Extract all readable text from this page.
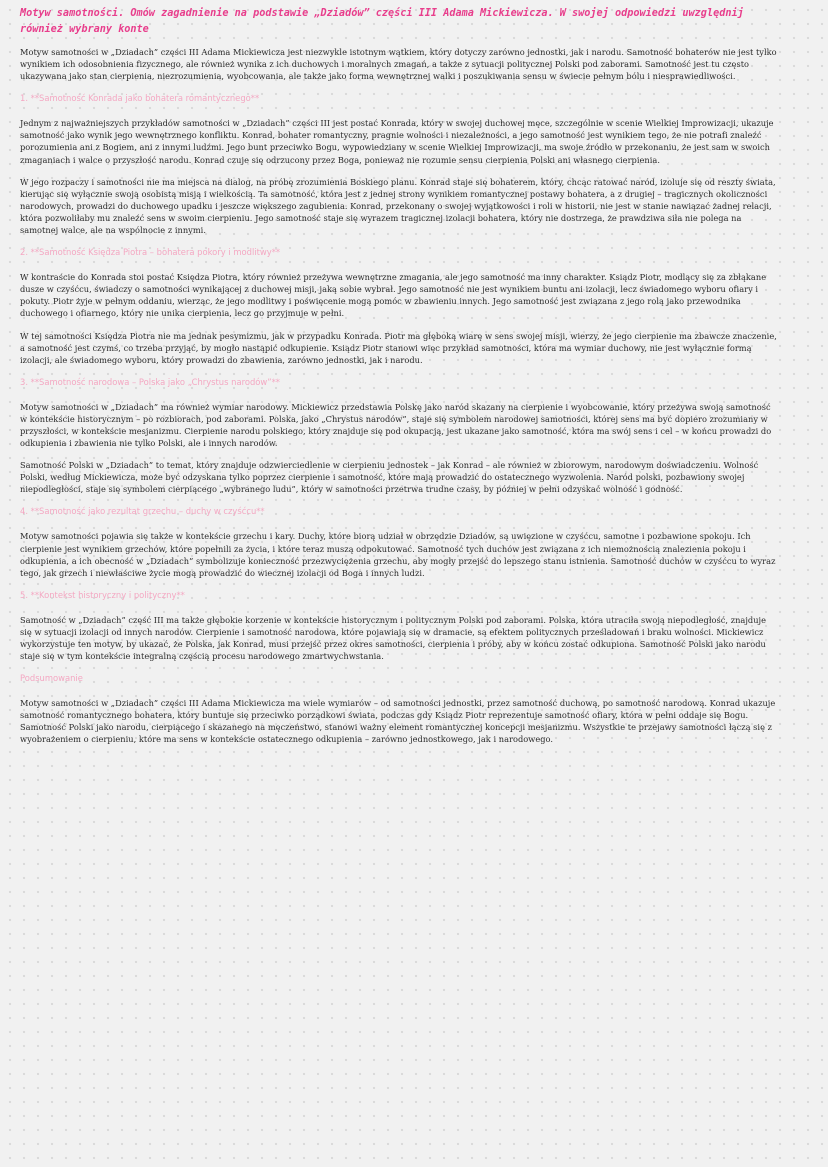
Motyw samotności. Omów zagadnienie na podstawie „Dziadów” części III Adama Mickiewicza. W swojej odpowiedzi uwzględnij również wybrany konte

Motyw samotności w „Dziadach” części III Adama Mickiewicza jest niezwykle istotnym wątkiem, który dotyczy zarówno jednostki, jak i narodu. Samotność bohaterów nie jest tylko wynikiem ich odosobnienia fizycznego, ale również wynika z ich duchowych i moralnych zmagań, a także z sytuacji politycznej Polski pod zaborami. Samotność jest tu często ukazywana jako stan cierpienia, niezrozumienia, wyobcowania, ale także jako forma wewnętrznej walki i poszukiwania sensu w świecie pełnym bólu i niesprawiedliwości.

1. **Samotność Konrada jako bohatera romantycznego**

Jednym z najważniejszych przykładów samotności w „Dziadach” części III jest postać Konrada, który w swojej duchowej męce, szczególnie w scenie Wielkiej Improwizacji, ukazuje samotność jako wynik jego wewnętrznego konfliktu. Konrad, bohater romantyczny, pragnie wolności i niezależności, a jego samotność jest wynikiem tego, że nie potrafi znaleźć porozumienia ani z Bogiem, ani z innymi ludźmi. Jego bunt przeciwko Bogu, wypowiedziany w scenie Wielkiej Improwizacji, ma swoje źródło w przekonaniu, że jest sam w swoich zmaganiach i walce o przyszłość narodu. Konrad czuje się odrzucony przez Boga, ponieważ nie rozumie sensu cierpienia Polski ani własnego cierpienia.

W jego rozpaczy i samotności nie ma miejsca na dialog, na próbę zrozumienia Boskiego planu. Konrad staje się bohaterem, który, chcąc ratować naród, izoluje się od reszty świata, kierując się wyłącznie swoją osobistą misją i wielkością. Ta samotność, która jest z jednej strony wynikiem romantycznej postawy bohatera, a z drugiej – tragicznych okoliczności narodowych, prowadzi do duchowego upadku i jeszcze większego zagubienia. Konrad, przekonany o swojej wyjątkowości i roli w historii, nie jest w stanie nawiązać żadnej relacji, która pozwoliłaby mu znaleźć sens w swoim cierpieniu. Jego samotność staje się wyrazem tragicznej izolacji bohatera, który nie dostrzega, że prawdziwa siła nie polega na samotnej walce, ale na wspólnocie z innymi.

2. **Samotność Księdza Piotra – bohatera pokory i modlitwy**

W kontraście do Konrada stoi postać Księdza Piotra, który również przeżywa wewnętrzne zmagania, ale jego samotność ma inny charakter. Ksiądz Piotr, modlący się za zbłąkane dusze w czyśćcu, świadczy o samotności wynikającej z duchowej misji, jaką sobie wybrał. Jego samotność nie jest wynikiem buntu ani izolacji, lecz świadomego wyboru ofiary i pokuty. Piotr żyje w pełnym oddaniu, wierząc, że jego modlitwy i poświęcenie mogą pomóc w zbawieniu innych. Jego samotność jest związana z jego rolą jako przewodnika duchowego i ofiarnego, który nie unika cierpienia, lecz go przyjmuje w pełni.

W tej samotności Księdza Piotra nie ma jednak pesymizmu, jak w przypadku Konrada. Piotr ma głęboką wiarę w sens swojej misji, wierzy, że jego cierpienie ma zbawcze znaczenie, a samotność jest czymś, co trzeba przyjąć, by mogło nastąpić odkupienie. Ksiądz Piotr stanowi więc przykład samotności, która ma wymiar duchowy, nie jest wyłącznie formą izolacji, ale świadomego wyboru, który prowadzi do zbawienia, zarówno jednostki, jak i narodu.

3. **Samotność narodowa – Polska jako „Chrystus narodów”**

Motyw samotności w „Dziadach” ma również wymiar narodowy. Mickiewicz przedstawia Polskę jako naród skazany na cierpienie i wyobcowanie, który przeżywa swoją samotność w kontekście historycznym – po rozbiorach, pod zaborami. Polska, jako „Chrystus narodów”, staje się symbolem narodowej samotności, której sens ma być dopiero zrozumiany w przyszłości, w kontekście mesjanizmu. Cierpienie narodu polskiego, który znajduje się pod okupacją, jest ukazane jako samotność, która ma swój sens i cel – w końcu prowadzi do odkupienia i zbawienia nie tylko Polski, ale i innych narodów.

Samotność Polski w „Dziadach” to temat, który znajduje odzwierciedlenie w cierpieniu jednostek – jak Konrad – ale również w zbiorowym, narodowym doświadczeniu. Wolność Polski, według Mickiewicza, może być odzyskana tylko poprzez cierpienie i samotność, które mają prowadzić do ostatecznego wyzwolenia. Naród polski, pozbawiony swojej niepodległości, staje się symbolem cierpiącego „wybranego ludu”, który w samotności przetrwa trudne czasy, by później w pełni odzyskać wolność i godność.

4. **Samotność jako rezultat grzechu – duchy w czyśćcu**

Motyw samotności pojawia się także w kontekście grzechu i kary. Duchy, które biorą udział w obrzędzie Dziadów, są uwięzione w czyśćcu, samotne i pozbawione spokoju. Ich cierpienie jest wynikiem grzechów, które popełnili za życia, i które teraz muszą odpokutować. Samotność tych duchów jest związana z ich niemożnością znalezienia pokoju i odkupienia, a ich obecność w „Dziadach” symbolizuje konieczność przezwyciężenia grzechu, aby mogły przejść do lepszego stanu istnienia. Samotność duchów w czyśćcu to wyraz tego, jak grzech i niewłaściwe życie mogą prowadzić do wiecznej izolacji od Boga i innych ludzi.

5. **Kontekst historyczny i polityczny**

Samotność w „Dziadach” część III ma także głębokie korzenie w kontekście historycznym i politycznym Polski pod zaborami. Polska, która utraciła swoją niepodległość, znajduje się w sytuacji izolacji od innych narodów. Cierpienie i samotność narodowa, które pojawiają się w dramacie, są efektem politycznych prześladowań i braku wolności. Mickiewicz wykorzystuje ten motyw, by ukazać, że Polska, jak Konrad, musi przejść przez okres samotności, cierpienia i próby, aby w końcu zostać odkupiona. Samotność Polski jako narodu staje się w tym kontekście integralną częścią procesu narodowego zmartwychwstania.

Podsumowanie

Motyw samotności w „Dziadach” części III Adama Mickiewicza ma wiele wymiarów – od samotności jednostki, przez samotność duchową, po samotność narodową. Konrad ukazuje samotność romantycznego bohatera, który buntuje się przeciwko porządkowi świata, podczas gdy Ksiądz Piotr reprezentuje samotność ofiary, która w pełni oddaje się Bogu. Samotność Polski jako narodu, cierpiącego i skazanego na męczeństwo, stanowi ważny element romantycznej koncepcji mesjanizmu. Wszystkie te przejawy samotności łączą się z wyobrażeniem o cierpieniu, które ma sens w kontekście ostatecznego odkupienia – zarówno jednostkowego, jak i narodowego.
